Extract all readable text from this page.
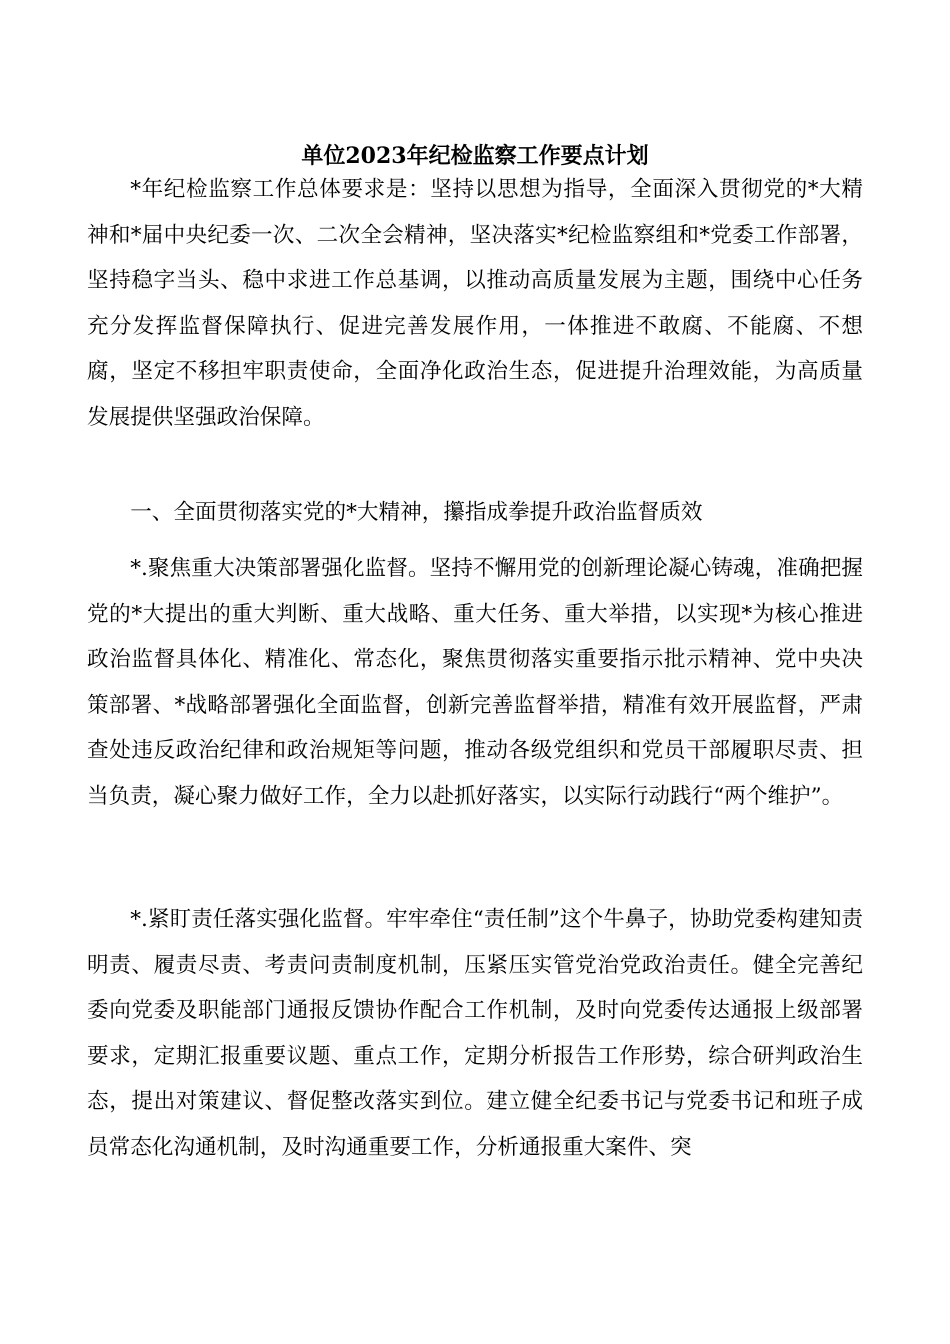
单位2023年纪检监察工作要点计划

*年纪检监察工作总体要求是：坚持以思想为指导，全面深入贯彻党的*大精神和*届中央纪委一次、二次全会精神，坚决落实*纪检监察组和*党委工作部署，坚持稳字当头、稳中求进工作总基调，以推动高质量发展为主题，围绕中心任务充分发挥监督保障执行、促进完善发展作用，一体推进不敢腐、不能腐、不想腐，坚定不移担牢职责使命，全面净化政治生态，促进提升治理效能，为高质量发展提供坚强政治保障。

一、全面贯彻落实党的*大精神，攥指成拳提升政治监督质效

*.聚焦重大决策部署强化监督。坚持不懈用党的创新理论凝心铸魂，准确把握党的*大提出的重大判断、重大战略、重大任务、重大举措，以实现*为核心推进政治监督具体化、精准化、常态化，聚焦贯彻落实重要指示批示精神、党中央决策部署、*战略部署强化全面监督，创新完善监督举措，精准有效开展监督，严肃查处违反政治纪律和政治规矩等问题，推动各级党组织和党员干部履职尽责、担当负责，凝心聚力做好工作，全力以赴抓好落实，以实际行动践行“两个维护”。

*.紧盯责任落实强化监督。牢牢牵住“责任制”这个牛鼻子，协助党委构建知责明责、履责尽责、考责问责制度机制，压紧压实管党治党政治责任。健全完善纪委向党委及职能部门通报反馈协作配合工作机制，及时向党委传达通报上级部署要求，定期汇报重要议题、重点工作，定期分析报告工作形势，综合研判政治生态，提出对策建议、督促整改落实到位。建立健全纪委书记与党委书记和班子成员常态化沟通机制，及时沟通重要工作，分析通报重大案件、突
